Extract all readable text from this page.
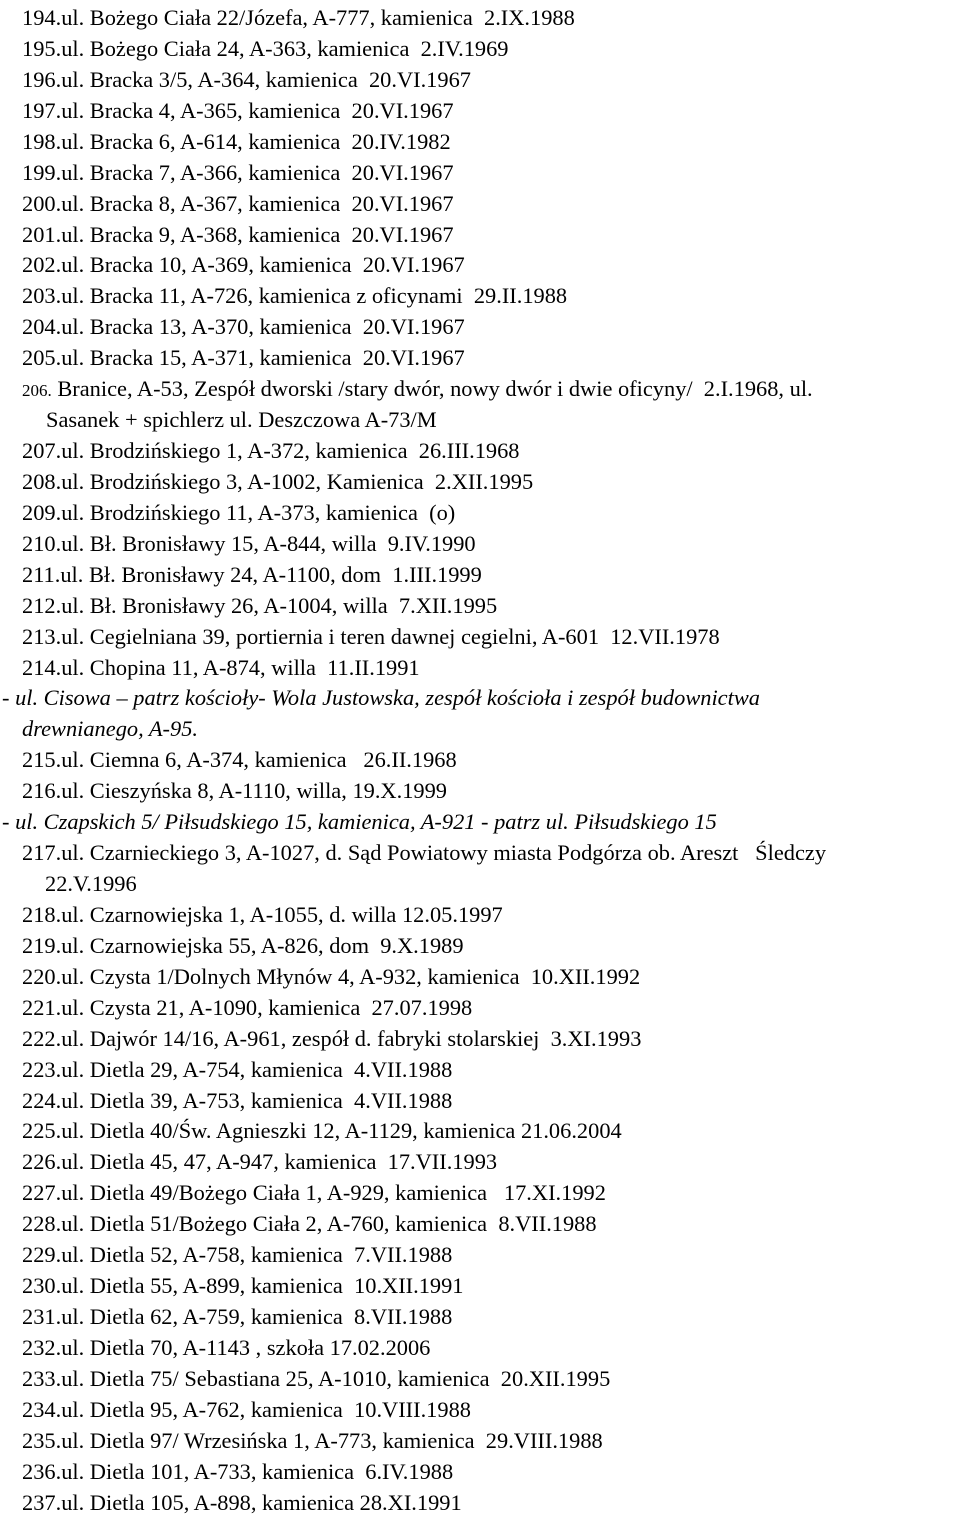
194.ul. Bożego Ciała 22/Józefa, A-777, kamienica  2.IX.1988
195.ul. Bożego Ciała 24, A-363, kamienica  2.IV.1969
196.ul. Bracka 3/5, A-364, kamienica  20.VI.1967
197.ul. Bracka 4, A-365, kamienica  20.VI.1967
198.ul. Bracka 6, A-614, kamienica  20.IV.1982
199.ul. Bracka 7, A-366, kamienica  20.VI.1967
200.ul. Bracka 8, A-367, kamienica  20.VI.1967
201.ul. Bracka 9, A-368, kamienica  20.VI.1967
202.ul. Bracka 10, A-369, kamienica  20.VI.1967
203.ul. Bracka 11, A-726, kamienica z oficynami  29.II.1988
204.ul. Bracka 13, A-370, kamienica  20.VI.1967
205.ul. Bracka 15, A-371, kamienica  20.VI.1967
206. Branice, A-53, Zespół dworski /stary dwór, nowy dwór i dwie oficyny/  2.I.1968, ul.
Sasanek + spichlerz ul. Deszczowa A-73/M
207.ul. Brodzińskiego 1, A-372, kamienica  26.III.1968
208.ul. Brodzińskiego 3, A-1002, Kamienica  2.XII.1995
209.ul. Brodzińskiego 11, A-373, kamienica  (o)
210.ul. Bł. Bronisławy 15, A-844, willa  9.IV.1990
211.ul. Bł. Bronisławy 24, A-1100, dom  1.III.1999
212.ul. Bł. Bronisławy 26, A-1004, willa  7.XII.1995
213.ul. Cegielniana 39, portiernia i teren dawnej cegielni, A-601  12.VII.1978
214.ul. Chopina 11, A-874, willa  11.II.1991
- ul. Cisowa – patrz kościoły- Wola Justowska, zespół kościoła i zespół budownictwa
drewnianego, A-95.
215.ul. Ciemna 6, A-374, kamienica   26.II.1968
216.ul. Cieszyńska 8, A-1110, willa, 19.X.1999
- ul. Czapskich 5/ Piłsudskiego 15, kamienica, A-921 - patrz ul. Piłsudskiego 15
217.ul. Czarnieckiego 3, A-1027, d. Sąd Powiatowy miasta Podgórza ob. Areszt   Śledczy
22.V.1996
218.ul. Czarnowiejska 1, A-1055, d. willa 12.05.1997
219.ul. Czarnowiejska 55, A-826, dom  9.X.1989
220.ul. Czysta 1/Dolnych Młynów 4, A-932, kamienica  10.XII.1992
221.ul. Czysta 21, A-1090, kamienica  27.07.1998
222.ul. Dajwór 14/16, A-961, zespół d. fabryki stolarskiej  3.XI.1993
223.ul. Dietla 29, A-754, kamienica  4.VII.1988
224.ul. Dietla 39, A-753, kamienica  4.VII.1988
225.ul. Dietla 40/Św. Agnieszki 12, A-1129, kamienica 21.06.2004
226.ul. Dietla 45, 47, A-947, kamienica  17.VII.1993
227.ul. Dietla 49/Bożego Ciała 1, A-929, kamienica   17.XI.1992
228.ul. Dietla 51/Bożego Ciała 2, A-760, kamienica  8.VII.1988
229.ul. Dietla 52, A-758, kamienica  7.VII.1988
230.ul. Dietla 55, A-899, kamienica  10.XII.1991
231.ul. Dietla 62, A-759, kamienica  8.VII.1988
232.ul. Dietla 70, A-1143 , szkoła 17.02.2006
233.ul. Dietla 75/ Sebastiana 25, A-1010, kamienica  20.XII.1995
234.ul. Dietla 95, A-762, kamienica  10.VIII.1988
235.ul. Dietla 97/ Wrzesińska 1, A-773, kamienica  29.VIII.1988
236.ul. Dietla 101, A-733, kamienica  6.IV.1988
237.ul. Dietla 105, A-898, kamienica 28.XI.1991
